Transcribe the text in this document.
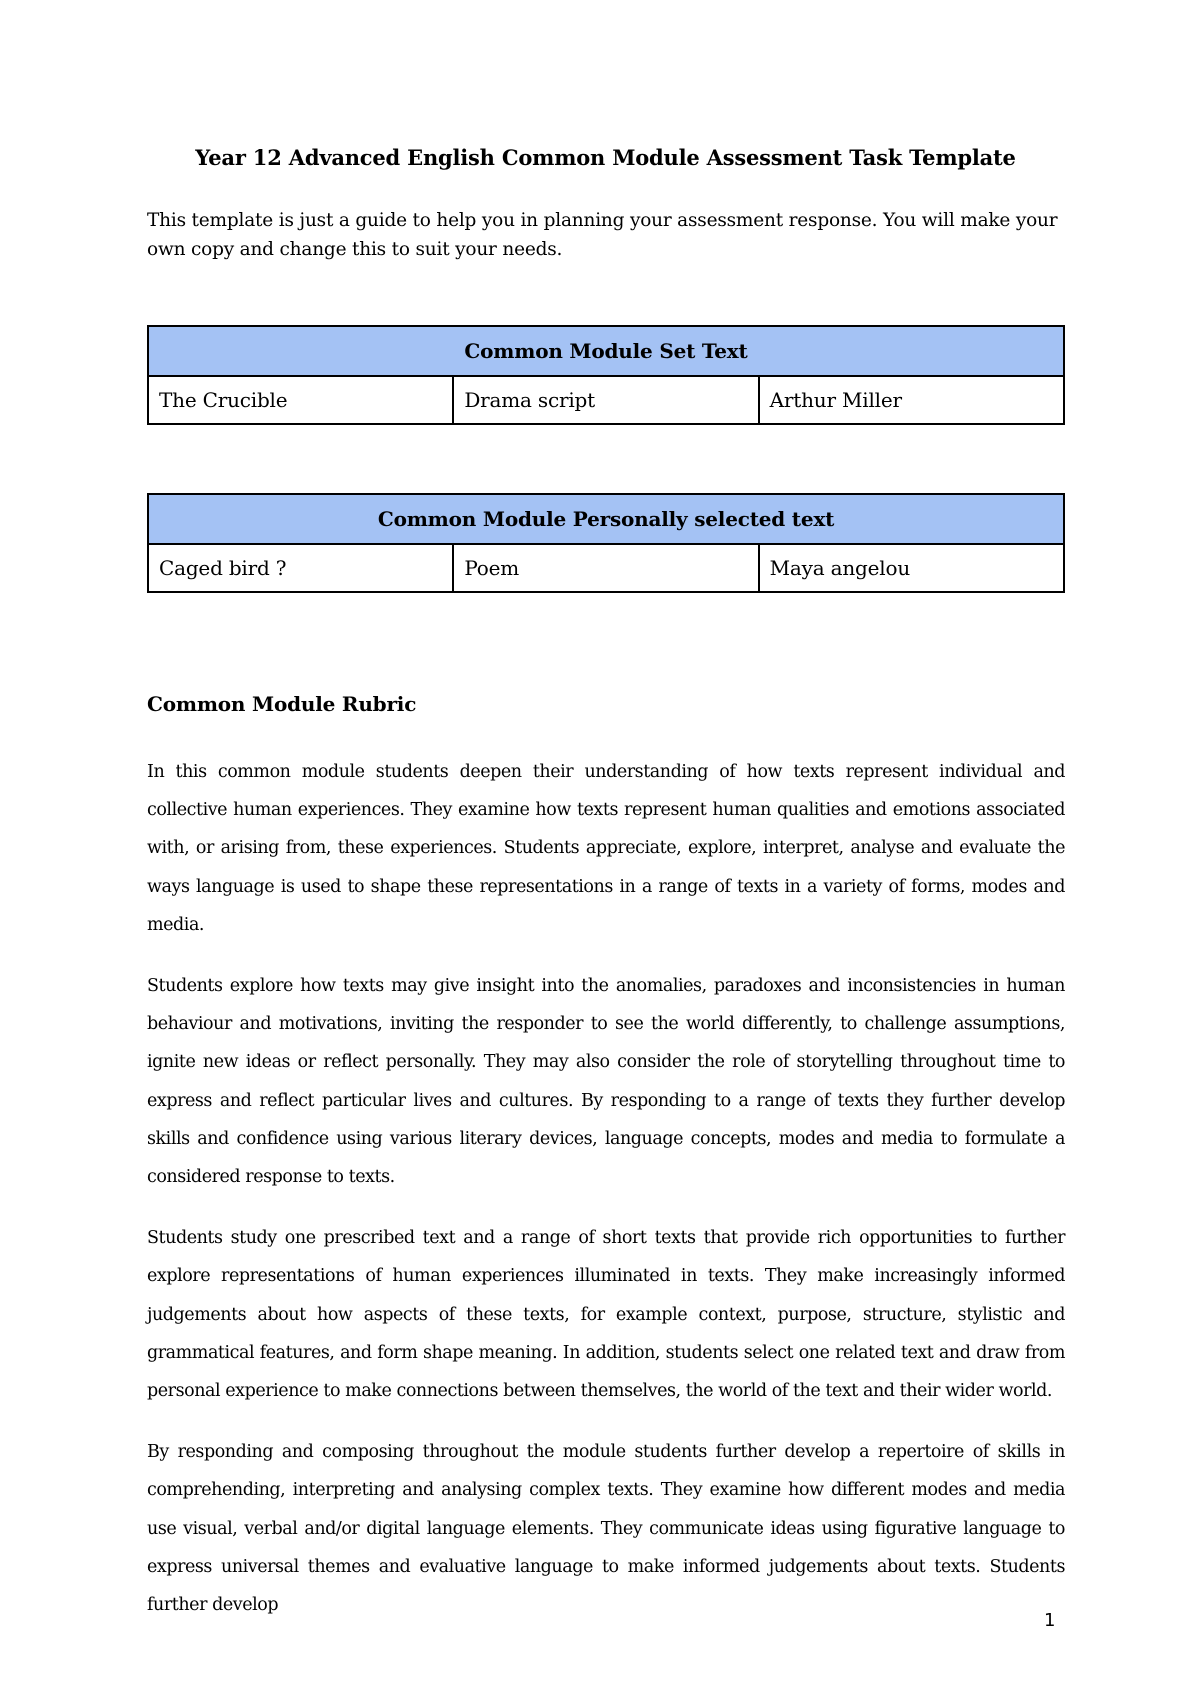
Year 12 Advanced English Common Module Assessment Task Template

This template is just a guide to help you in planning your assessment response. You will make your own copy and change this to suit your needs.

Common Module Set Text
The Crucible	Drama script	Arthur Miller
Common Module Personally selected text
Caged bird ?	Poem	Maya angelou
Common Module Rubric

In this common module students deepen their understanding of how texts represent individual and collective human experiences. They examine how texts represent human qualities and emotions associated with, or arising from, these experiences. Students appreciate, explore, interpret, analyse and evaluate the ways language is used to shape these representations in a range of texts in a variety of forms, modes and media.

Students explore how texts may give insight into the anomalies, paradoxes and inconsistencies in human behaviour and motivations, inviting the responder to see the world differently, to challenge assumptions, ignite new ideas or reflect personally. They may also consider the role of storytelling throughout time to express and reflect particular lives and cultures. By responding to a range of texts they further develop skills and confidence using various literary devices, language concepts, modes and media to formulate a considered response to texts.

Students study one prescribed text and a range of short texts that provide rich opportunities to further explore representations of human experiences illuminated in texts. They make increasingly informed judgements about how aspects of these texts, for example context, purpose, structure, stylistic and grammatical features, and form shape meaning. In addition, students select one related text and draw from personal experience to make connections between themselves, the world of the text and their wider world.

By responding and composing throughout the module students further develop a repertoire of skills in comprehending, interpreting and analysing complex texts. They examine how different modes and media use visual, verbal and/or digital language elements. They communicate ideas using figurative language to express universal themes and evaluative language to make informed judgements about texts. Students further develop

1
